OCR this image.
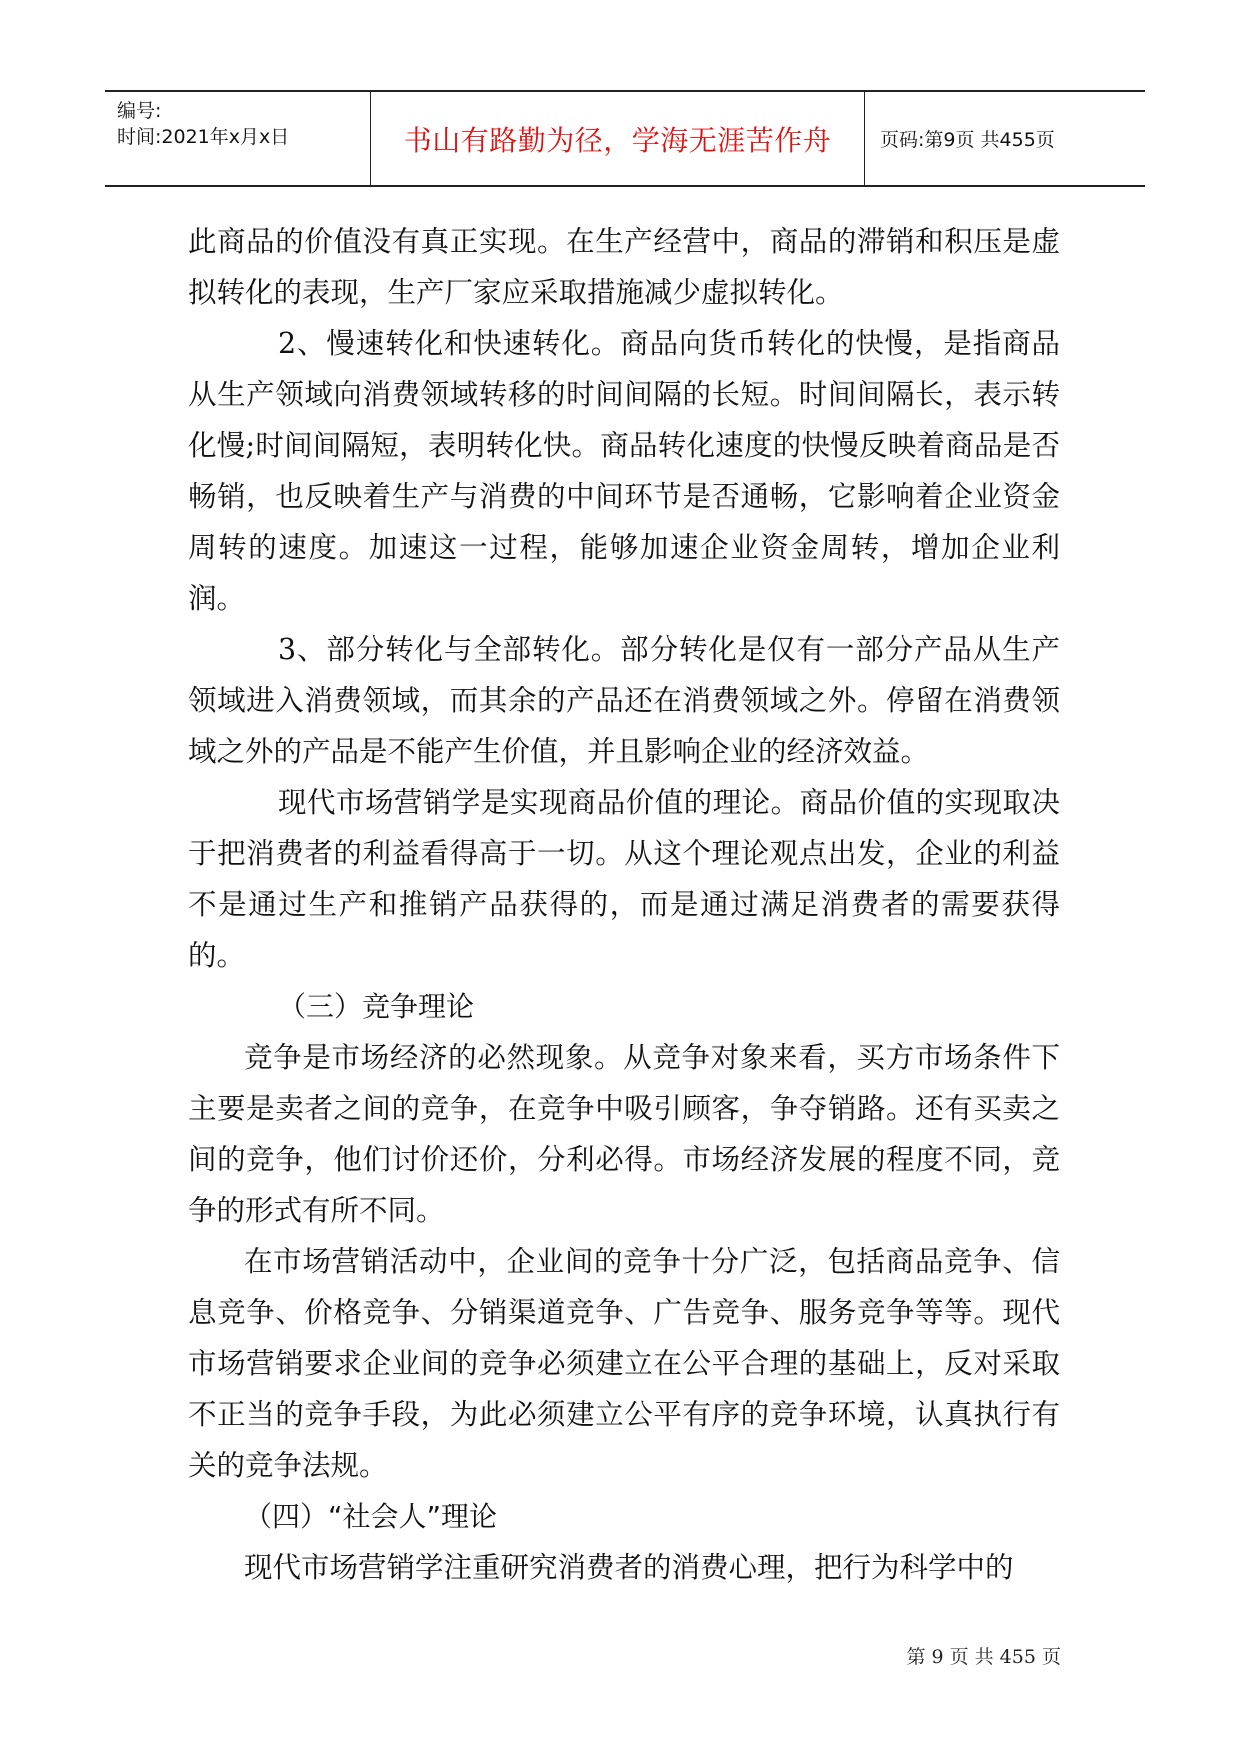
编号:
时间:2021年x月x日	书山有路勤为径，学海无涯苦作舟	页码:第9页 共455页

此商品的价值没有真正实现。在生产经营中，商品的滞销和积压是虚拟转化的表现，生产厂家应采取措施减少虚拟转化。

2、慢速转化和快速转化。商品向货币转化的快慢，是指商品从生产领域向消费领域转移的时间间隔的长短。时间间隔长，表示转化慢;时间间隔短，表明转化快。商品转化速度的快慢反映着商品是否畅销，也反映着生产与消费的中间环节是否通畅，它影响着企业资金周转的速度。加速这一过程，能够加速企业资金周转，增加企业利润。

3、部分转化与全部转化。部分转化是仅有一部分产品从生产领域进入消费领域，而其余的产品还在消费领域之外。停留在消费领域之外的产品是不能产生价值，并且影响企业的经济效益。

现代市场营销学是实现商品价值的理论。商品价值的实现取决于把消费者的利益看得高于一切。从这个理论观点出发，企业的利益不是通过生产和推销产品获得的，而是通过满足消费者的需要获得的。

（三）竞争理论

竞争是市场经济的必然现象。从竞争对象来看，买方市场条件下主要是卖者之间的竞争，在竞争中吸引顾客，争夺销路。还有买卖之间的竞争，他们讨价还价，分利必得。市场经济发展的程度不同，竞争的形式有所不同。

在市场营销活动中，企业间的竞争十分广泛，包括商品竞争、信息竞争、价格竞争、分销渠道竞争、广告竞争、服务竞争等等。现代市场营销要求企业间的竞争必须建立在公平合理的基础上，反对采取不正当的竞争手段，为此必须建立公平有序的竞争环境，认真执行有关的竞争法规。

（四）“社会人”理论

现代市场营销学注重研究消费者的消费心理，把行为科学中的

第 9 页 共 455 页
